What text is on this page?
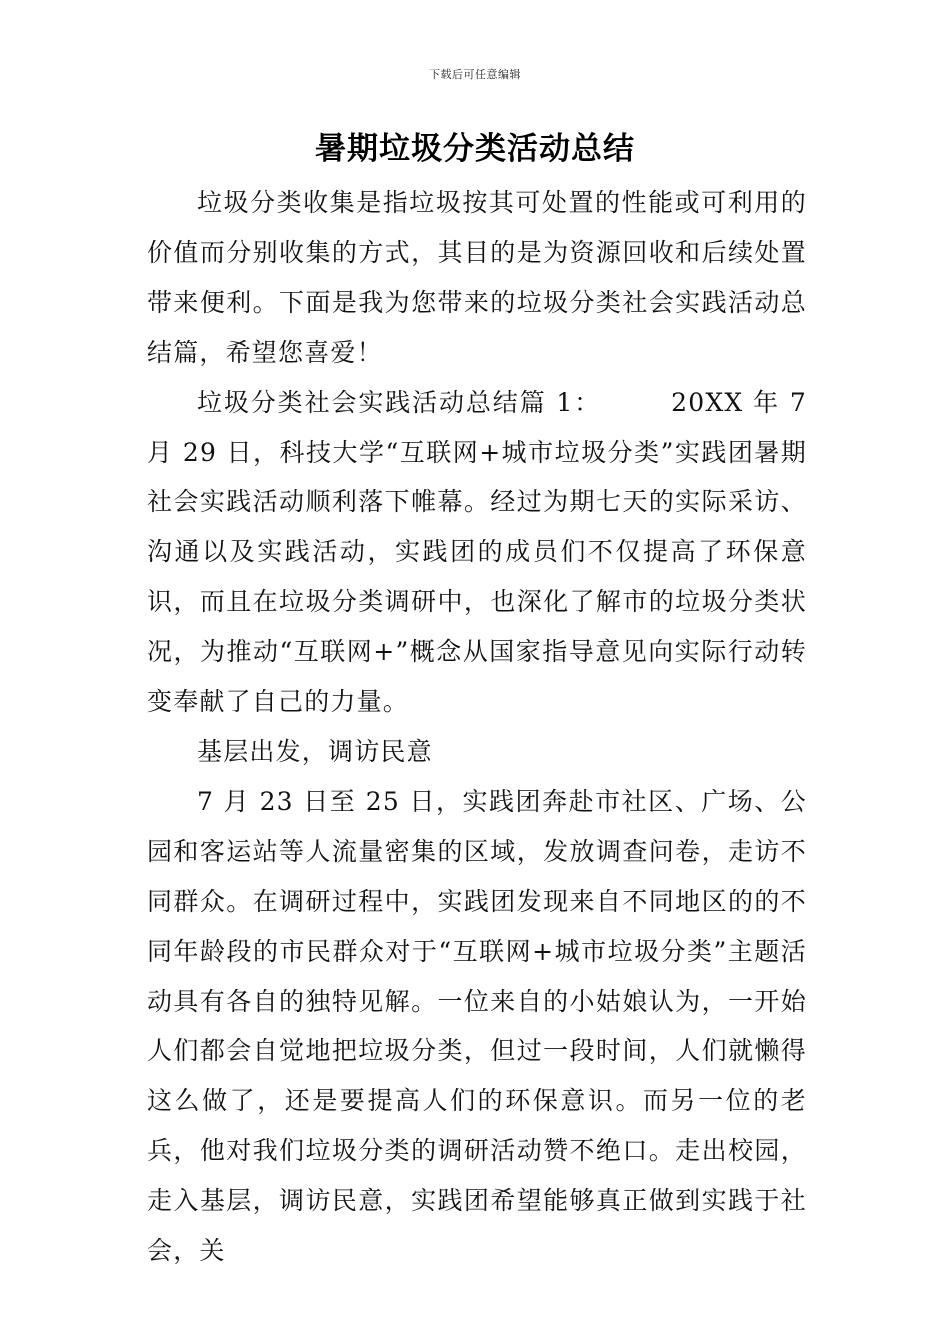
下载后可任意编辑
暑期垃圾分类活动总结

垃圾分类收集是指垃圾按其可处置的性能或可利用的价值而分别收集的方式，其目的是为资源回收和后续处置带来便利。下面是我为您带来的垃圾分类社会实践活动总结篇，希望您喜爱！

垃圾分类社会实践活动总结篇 1：	20XX 年 7 月 29 日，科技大学“互联网+城市垃圾分类”实践团暑期社会实践活动顺利落下帷幕。经过为期七天的实际采访、沟通以及实践活动，实践团的成员们不仅提高了环保意识，而且在垃圾分类调研中，也深化了解市的垃圾分类状况，为推动“互联网+”概念从国家指导意见向实际行动转变奉献了自己的力量。

基层出发，调访民意

7 月 23 日至 25 日，实践团奔赴市社区、广场、公园和客运站等人流量密集的区域，发放调查问卷，走访不同群众。在调研过程中，实践团发现来自不同地区的的不同年龄段的市民群众对于“互联网+城市垃圾分类”主题活动具有各自的独特见解。一位来自的小姑娘认为，一开始人们都会自觉地把垃圾分类，但过一段时间，人们就懒得这么做了，还是要提高人们的环保意识。而另一位的老兵，他对我们垃圾分类的调研活动赞不绝口。走出校园，走入基层，调访民意，实践团希望能够真正做到实践于社会，关
